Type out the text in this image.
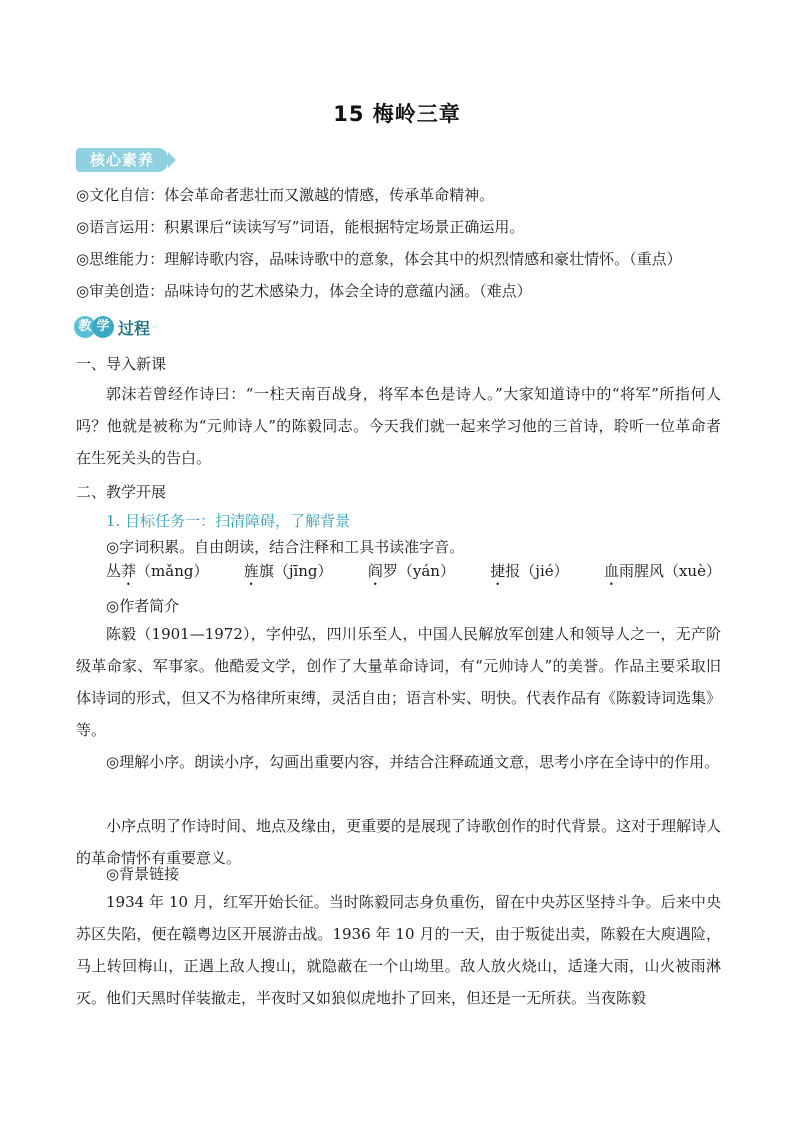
15 梅岭三章
核心素养
◎文化自信：体会革命者悲壮而又激越的情感，传承革命精神。
◎语言运用：积累课后“读读写写”词语，能根据特定场景正确运用。
◎思维能力：理解诗歌内容，品味诗歌中的意象，体会其中的炽烈情感和豪壮情怀。（重点）
◎审美创造：品味诗句的艺术感染力，体会全诗的意蕴内涵。（难点）
教 学 过程 ···
一、导入新课
郭沫若曾经作诗曰：“一柱天南百战身，将军本色是诗人。”大家知道诗中的“将军”所指何人吗？他就是被称为“元帅诗人”的陈毅同志。今天我们就一起来学习他的三首诗，聆听一位革命者在生死关头的告白。
二、教学开展
1. 目标任务一：扫清障碍，了解背景
◎字词积累。自由朗读，结合注释和工具书读准字音。
丛莽（mǎng） 旌旗（jīng） 阎罗（yán） 捷报（jié） 血雨腥风（xuè）
◎作者简介
陈毅（1901—1972），字仲弘，四川乐至人，中国人民解放军创建人和领导人之一，无产阶级革命家、军事家。他酷爱文学，创作了大量革命诗词，有“元帅诗人”的美誉。作品主要采取旧体诗词的形式，但又不为格律所束缚，灵活自由；语言朴实、明快。代表作品有《陈毅诗词选集》等。
◎理解小序。朗读小序，勾画出重要内容，并结合注释疏通文意，思考小序在全诗中的作用。
小序点明了作诗时间、地点及缘由，更重要的是展现了诗歌创作的时代背景。这对于理解诗人的革命情怀有重要意义。
◎背景链接
1934 年 10 月，红军开始长征。当时陈毅同志身负重伤，留在中央苏区坚持斗争。后来中央苏区失陷，便在赣粤边区开展游击战。1936 年 10 月的一天，由于叛徒出卖，陈毅在大庾遇险，马上转回梅山，正遇上敌人搜山，就隐蔽在一个山坳里。敌人放火烧山，适逢大雨，山火被雨淋灭。他们天黑时佯装撤走，半夜时又如狼似虎地扑了回来，但还是一无所获。当夜陈毅
